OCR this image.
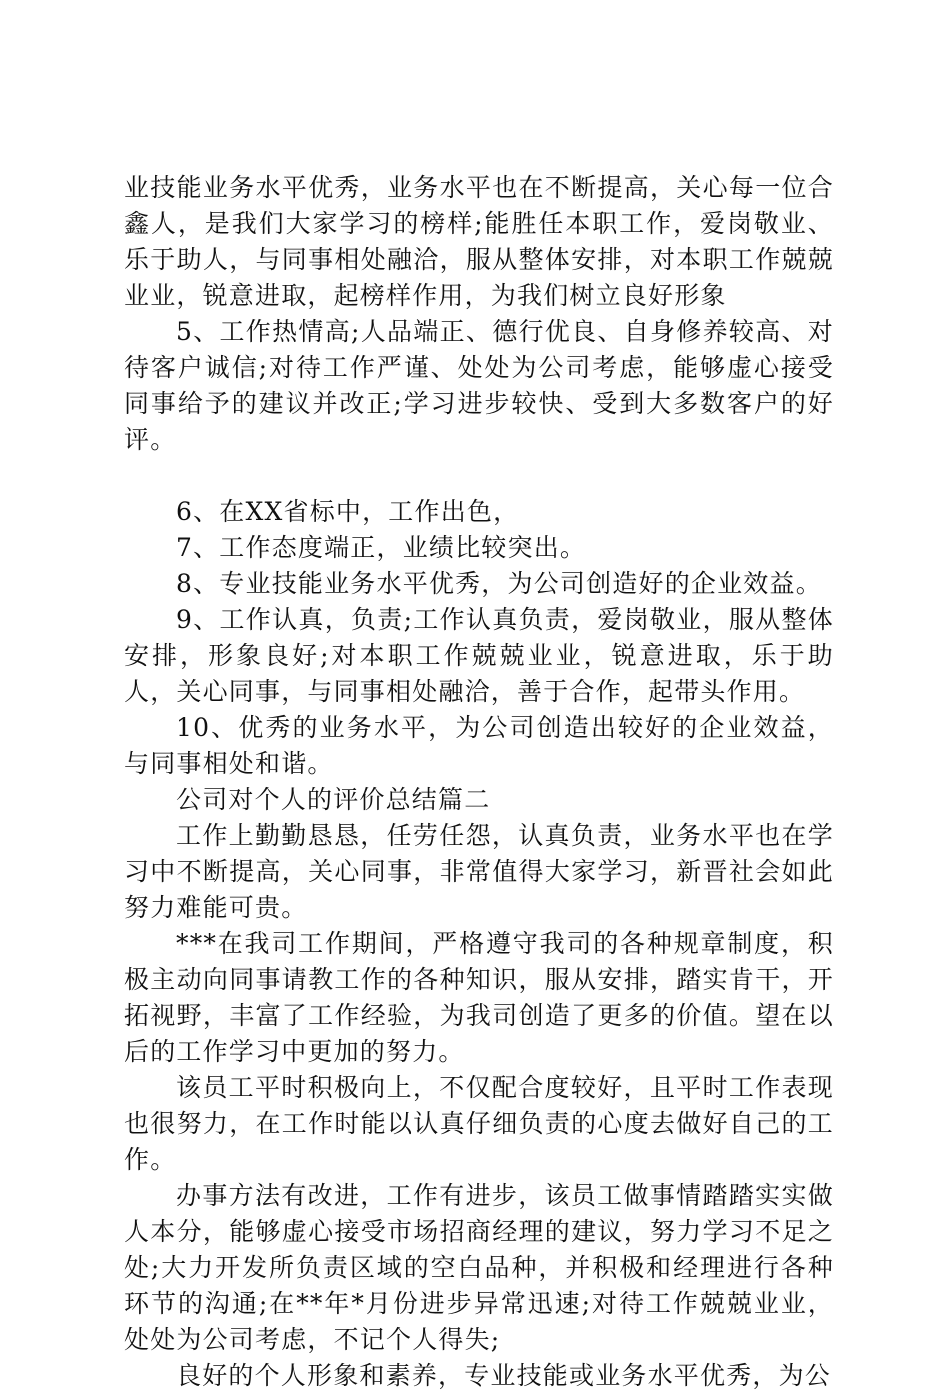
业技能业务水平优秀，业务水平也在不断提高，关心每一位合鑫人，是我们大家学习的榜样;能胜任本职工作，爱岗敬业、乐于助人，与同事相处融洽，服从整体安排，对本职工作兢兢业业，锐意进取，起榜样作用，为我们树立良好形象

5、工作热情高;人品端正、德行优良、自身修养较高、对待客户诚信;对待工作严谨、处处为公司考虑，能够虚心接受同事给予的建议并改正;学习进步较快、受到大多数客户的好评。

6、在XX省标中，工作出色，

7、工作态度端正，业绩比较突出。

8、专业技能业务水平优秀，为公司创造好的企业效益。

9、工作认真，负责;工作认真负责，爱岗敬业，服从整体安排，形象良好;对本职工作兢兢业业，锐意进取，乐于助人，关心同事，与同事相处融洽，善于合作，起带头作用。

10、优秀的业务水平，为公司创造出较好的企业效益，与同事相处和谐。

公司对个人的评价总结篇二

工作上勤勤恳恳，任劳任怨，认真负责，业务水平也在学习中不断提高，关心同事，非常值得大家学习，新晋社会如此努力难能可贵。

***在我司工作期间，严格遵守我司的各种规章制度，积极主动向同事请教工作的各种知识，服从安排，踏实肯干，开拓视野，丰富了工作经验，为我司创造了更多的价值。望在以后的工作学习中更加的努力。

该员工平时积极向上，不仅配合度较好，且平时工作表现也很努力，在工作时能以认真仔细负责的心度去做好自己的工作。

办事方法有改进，工作有进步，该员工做事情踏踏实实做人本分，能够虚心接受市场招商经理的建议，努力学习不足之处;大力开发所负责区域的空白品种，并积极和经理进行各种环节的沟通;在**年*月份进步异常迅速;对待工作兢兢业业，处处为公司考虑，不记个人得失;

良好的个人形象和素养，专业技能或业务水平优秀，为公
